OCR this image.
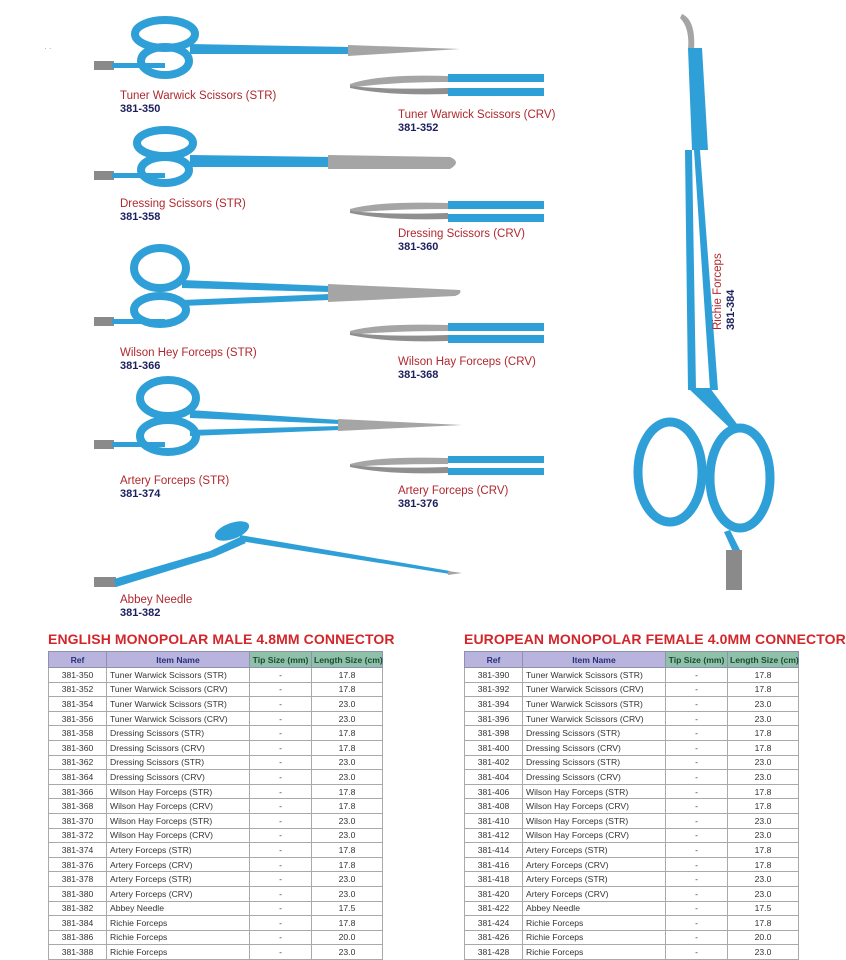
· ·
Tuner Warwick Scissors (STR)
381-350	Tuner Warwick Scissors (CRV)
381-352
Dressing Scissors (STR)
381-358
Dressing Scissors (CRV)
381-360
Wilson Hey Forceps (STR)
381-366	Wilson Hay Forceps (CRV)
381-368
Artery Forceps (STR)
381-374	Artery Forceps (CRV)
381-376
Abbey Needle
381-382
Richie Forceps 381-384
ENGLISH MONOPOLAR MALE 4.8MM CONNECTOR	EUROPEAN MONOPOLAR FEMALE 4.0MM CONNECTOR
Ref	Item Name	Tip Size (mm)	Length Size (cm)
381-350	Tuner Warwick Scissors (STR)	-	17.8
381-352	Tuner Warwick Scissors (CRV)	-	17.8
381-354	Tuner Warwick Scissors (STR)	-	23.0
381-356	Tuner Warwick Scissors (CRV)	-	23.0
381-358	Dressing Scissors (STR)	-	17.8
381-360	Dressing Scissors (CRV)	-	17.8
381-362	Dressing Scissors (STR)	-	23.0
381-364	Dressing Scissors (CRV)	-	23.0
381-366	Wilson Hay Forceps (STR)	-	17.8
381-368	Wilson Hay Forceps (CRV)	-	17.8
381-370	Wilson Hay Forceps (STR)	-	23.0
381-372	Wilson Hay Forceps (CRV)	-	23.0
381-374	Artery Forceps (STR)	-	17.8
381-376	Artery Forceps (CRV)	-	17.8
381-378	Artery Forceps (STR)	-	23.0
381-380	Artery Forceps (CRV)	-	23.0
381-382	Abbey Needle	-	17.5
381-384	Richie Forceps	-	17.8
381-386	Richie Forceps	-	20.0
381-388	Richie Forceps	-	23.0
Ref	Item Name	Tip Size (mm)	Length Size (cm)
381-390	Tuner Warwick Scissors (STR)	-	17.8
381-392	Tuner Warwick Scissors (CRV)	-	17.8
381-394	Tuner Warwick Scissors (STR)	-	23.0
381-396	Tuner Warwick Scissors (CRV)	-	23.0
381-398	Dressing Scissors (STR)	-	17.8
381-400	Dressing Scissors (CRV)	-	17.8
381-402	Dressing Scissors (STR)	-	23.0
381-404	Dressing Scissors (CRV)	-	23.0
381-406	Wilson Hay Forceps (STR)	-	17.8
381-408	Wilson Hay Forceps (CRV)	-	17.8
381-410	Wilson Hay Forceps (STR)	-	23.0
381-412	Wilson Hay Forceps (CRV)	-	23.0
381-414	Artery Forceps (STR)	-	17.8
381-416	Artery Forceps (CRV)	-	17.8
381-418	Artery Forceps (STR)	-	23.0
381-420	Artery Forceps (CRV)	-	23.0
381-422	Abbey Needle	-	17.5
381-424	Richie Forceps	-	17.8
381-426	Richie Forceps	-	20.0
381-428	Richie Forceps	-	23.0
